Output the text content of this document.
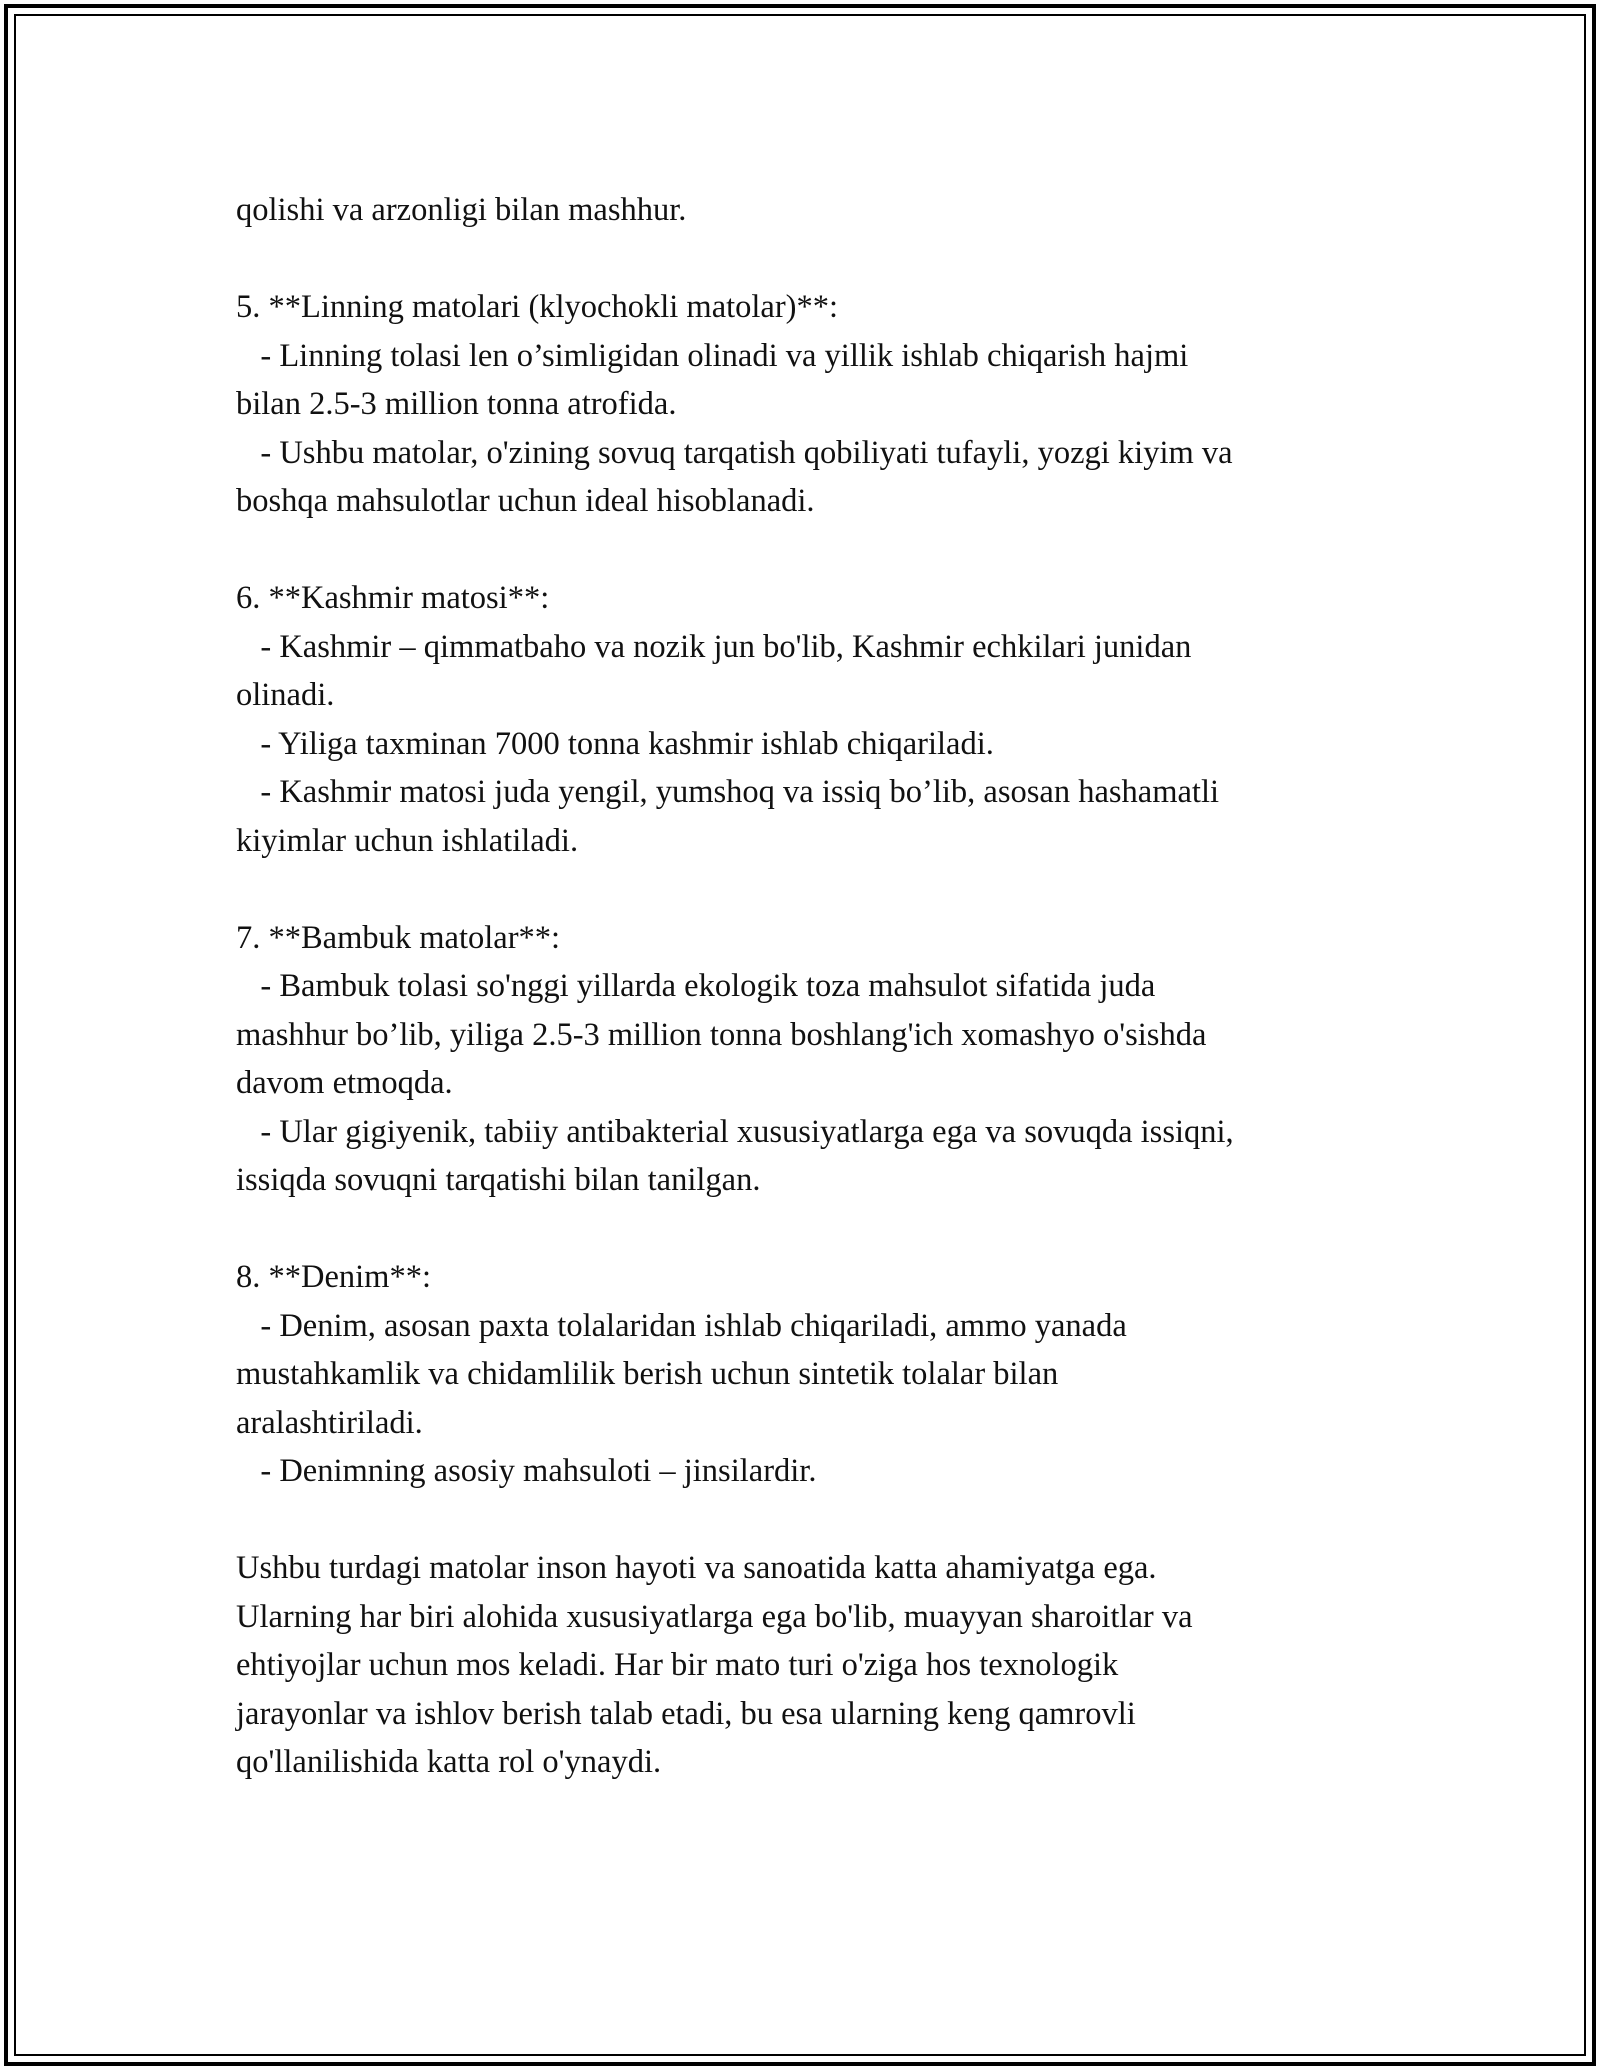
qolishi va arzonligi bilan mashhur.
5. **Linning matolari (klyochokli matolar)**:
- Linning tolasi len o’simligidan olinadi va yillik ishlab chiqarish hajmi
bilan 2.5-3 million tonna atrofida.
- Ushbu matolar, o'zining sovuq tarqatish qobiliyati tufayli, yozgi kiyim va
boshqa mahsulotlar uchun ideal hisoblanadi.
6. **Kashmir matosi**:
- Kashmir – qimmatbaho va nozik jun bo'lib, Kashmir echkilari junidan
olinadi.
- Yiliga taxminan 7000 tonna kashmir ishlab chiqariladi.
- Kashmir matosi juda yengil, yumshoq va issiq bo’lib, asosan hashamatli
kiyimlar uchun ishlatiladi.
7. **Bambuk matolar**:
- Bambuk tolasi so'nggi yillarda ekologik toza mahsulot sifatida juda
mashhur bo’lib, yiliga 2.5-3 million tonna boshlang'ich xomashyo o'sishda
davom etmoqda.
- Ular gigiyenik, tabiiy antibakterial xususiyatlarga ega va sovuqda issiqni,
issiqda sovuqni tarqatishi bilan tanilgan.
8. **Denim**:
- Denim, asosan paxta tolalaridan ishlab chiqariladi, ammo yanada
mustahkamlik va chidamlilik berish uchun sintetik tolalar bilan
aralashtiriladi.
- Denimning asosiy mahsuloti – jinsilardir.
Ushbu turdagi matolar inson hayoti va sanoatida katta ahamiyatga ega.
Ularning har biri alohida xususiyatlarga ega bo'lib, muayyan sharoitlar va
ehtiyojlar uchun mos keladi. Har bir mato turi o'ziga hos texnologik
jarayonlar va ishlov berish talab etadi, bu esa ularning keng qamrovli
qo'llanilishida katta rol o'ynaydi.
